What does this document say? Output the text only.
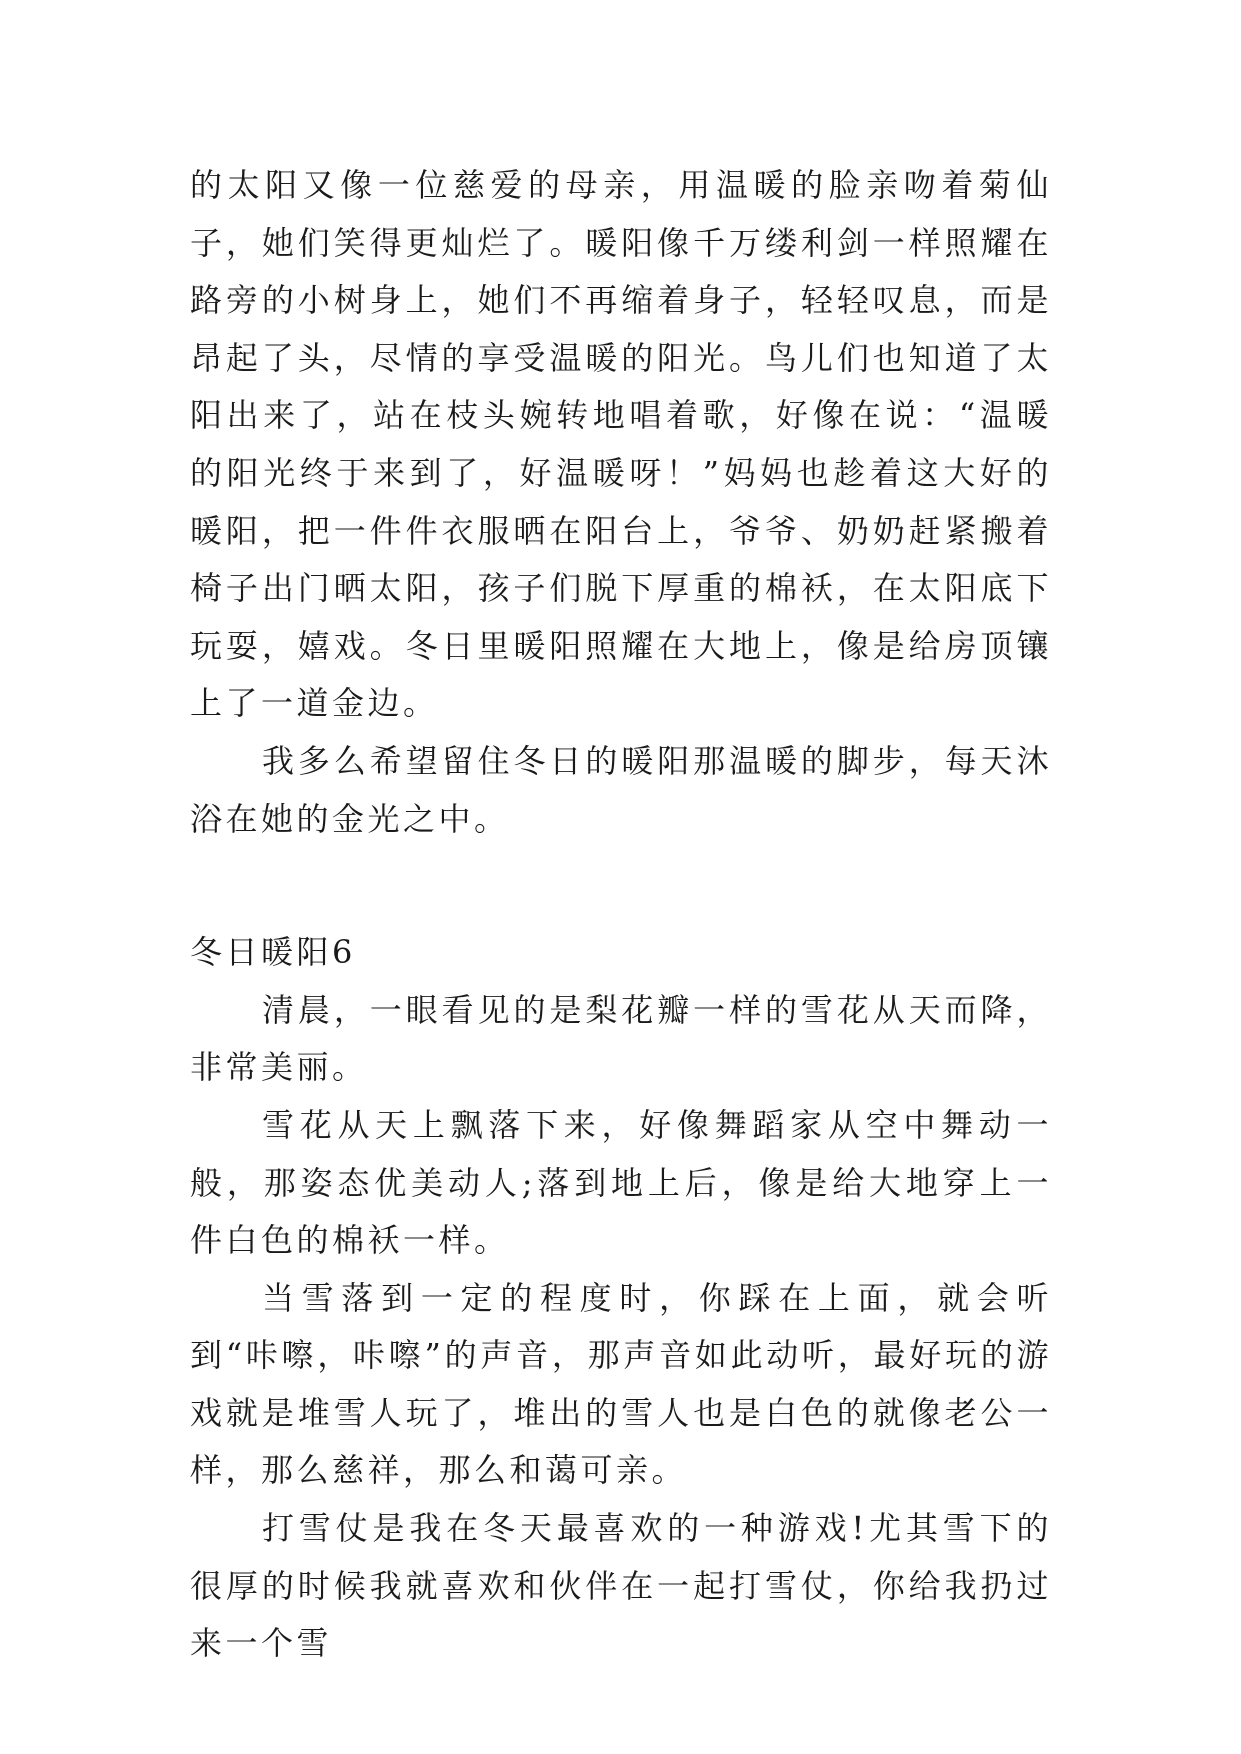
的太阳又像一位慈爱的母亲，用温暖的脸亲吻着菊仙子，她们笑得更灿烂了。暖阳像千万缕利剑一样照耀在路旁的小树身上，她们不再缩着身子，轻轻叹息，而是昂起了头，尽情的享受温暖的阳光。鸟儿们也知道了太阳出来了，站在枝头婉转地唱着歌，好像在说：“温暖的阳光终于来到了，好温暖呀！”妈妈也趁着这大好的暖阳，把一件件衣服晒在阳台上，爷爷、奶奶赶紧搬着椅子出门晒太阳，孩子们脱下厚重的棉袄，在太阳底下玩耍，嬉戏。冬日里暖阳照耀在大地上，像是给房顶镶上了一道金边。

我多么希望留住冬日的暖阳那温暖的脚步，每天沐浴在她的金光之中。

冬日暖阳6

清晨，一眼看见的是梨花瓣一样的雪花从天而降，非常美丽。

雪花从天上飘落下来，好像舞蹈家从空中舞动一般，那姿态优美动人;落到地上后，像是给大地穿上一件白色的棉袄一样。

当雪落到一定的程度时，你踩在上面，就会听到“咔嚓，咔嚓”的声音，那声音如此动听，最好玩的游戏就是堆雪人玩了，堆出的雪人也是白色的就像老公一样，那么慈祥，那么和蔼可亲。

打雪仗是我在冬天最喜欢的一种游戏!尤其雪下的很厚的时候我就喜欢和伙伴在一起打雪仗，你给我扔过来一个雪
